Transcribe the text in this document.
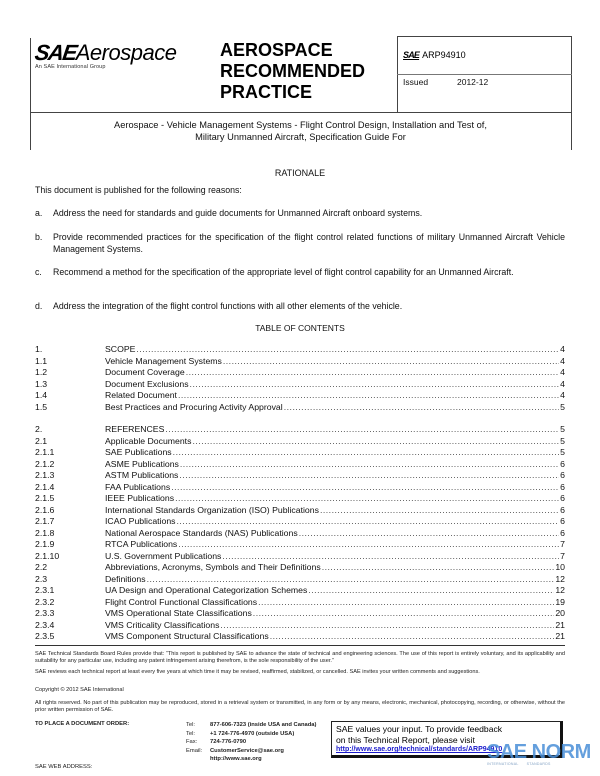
SAEAerospace
An SAE International Group
AEROSPACE
RECOMMENDED
PRACTICE
SAE ARP94910
Issued	2012-12
Aerospace - Vehicle Management Systems - Flight Control Design, Installation and Test of,
Military Unmanned Aircraft, Specification Guide For
RATIONALE
This document is published for the following reasons:
a.	Address the need for standards and guide documents for Unmanned Aircraft onboard systems.
b.	Provide recommended practices for the specification of the flight control related functions of military Unmanned Aircraft Vehicle Management Systems.
c.	Recommend a method for the specification of the appropriate level of flight control capability for an Unmanned Aircraft.
d.	Address the integration of the flight control functions with all other elements of the vehicle.
TABLE OF CONTENTS
1.	SCOPE .....	4
1.1	Vehicle Management Systems .....	4
1.2	Document Coverage .....	4
1.3	Document Exclusions .....	4
1.4	Related Document .....	4
1.5	Best Practices and Procuring Activity Approval .....	5
2.	REFERENCES .....	5
2.1	Applicable Documents .....	5
2.1.1	SAE Publications .....	5
2.1.2	ASME Publications .....	6
2.1.3	ASTM Publications .....	6
2.1.4	FAA Publications .....	6
2.1.5	IEEE Publications .....	6
2.1.6	International Standards Organization (ISO) Publications .....	6
2.1.7	ICAO Publications .....	6
2.1.8	National Aerospace Standards (NAS) Publications .....	6
2.1.9	RTCA Publications .....	7
2.1.10	U.S. Government Publications .....	7
2.2	Abbreviations, Acronyms, Symbols and Their Definitions .....	10
2.3	Definitions .....	12
2.3.1	UA Design and Operational Categorization Schemes .....	12
2.3.2	Flight Control Functional Classifications .....	19
2.3.3	VMS Operational State Classifications .....	20
2.3.4	VMS Criticality Classifications .....	21
2.3.5	VMS Component Structural Classifications .....	21
SAE Technical Standards Board Rules provide that: “This report is published by SAE to advance the state of technical and engineering sciences. The use of this report is entirely voluntary, and its applicability and suitability for any particular use, including any patent infringement arising therefrom, is the sole responsibility of the user.”
SAE reviews each technical report at least every five years at which time it may be revised, reaffirmed, stabilized, or cancelled. SAE invites your written comments and suggestions.
Copyright © 2012 SAE International
All rights reserved. No part of this publication may be reproduced, stored in a retrieval system or transmitted, in any form or by any means, electronic, mechanical, photocopying, recording, or otherwise, without the prior written permission of SAE.
TO PLACE A DOCUMENT ORDER:
SAE WEB ADDRESS:
Tel:	877-606-7323 (inside USA and Canada)
Tel:	+1 724-776-4970 (outside USA)
Fax:	724-776-0790
Email:	CustomerService@sae.org
http://www.sae.org
SAE values your input. To provide feedback
on this Technical Report, please visit
http://www.sae.org/technical/standards/ARP94910
SAE NORM
INTERNATIONAL STANDARDS
